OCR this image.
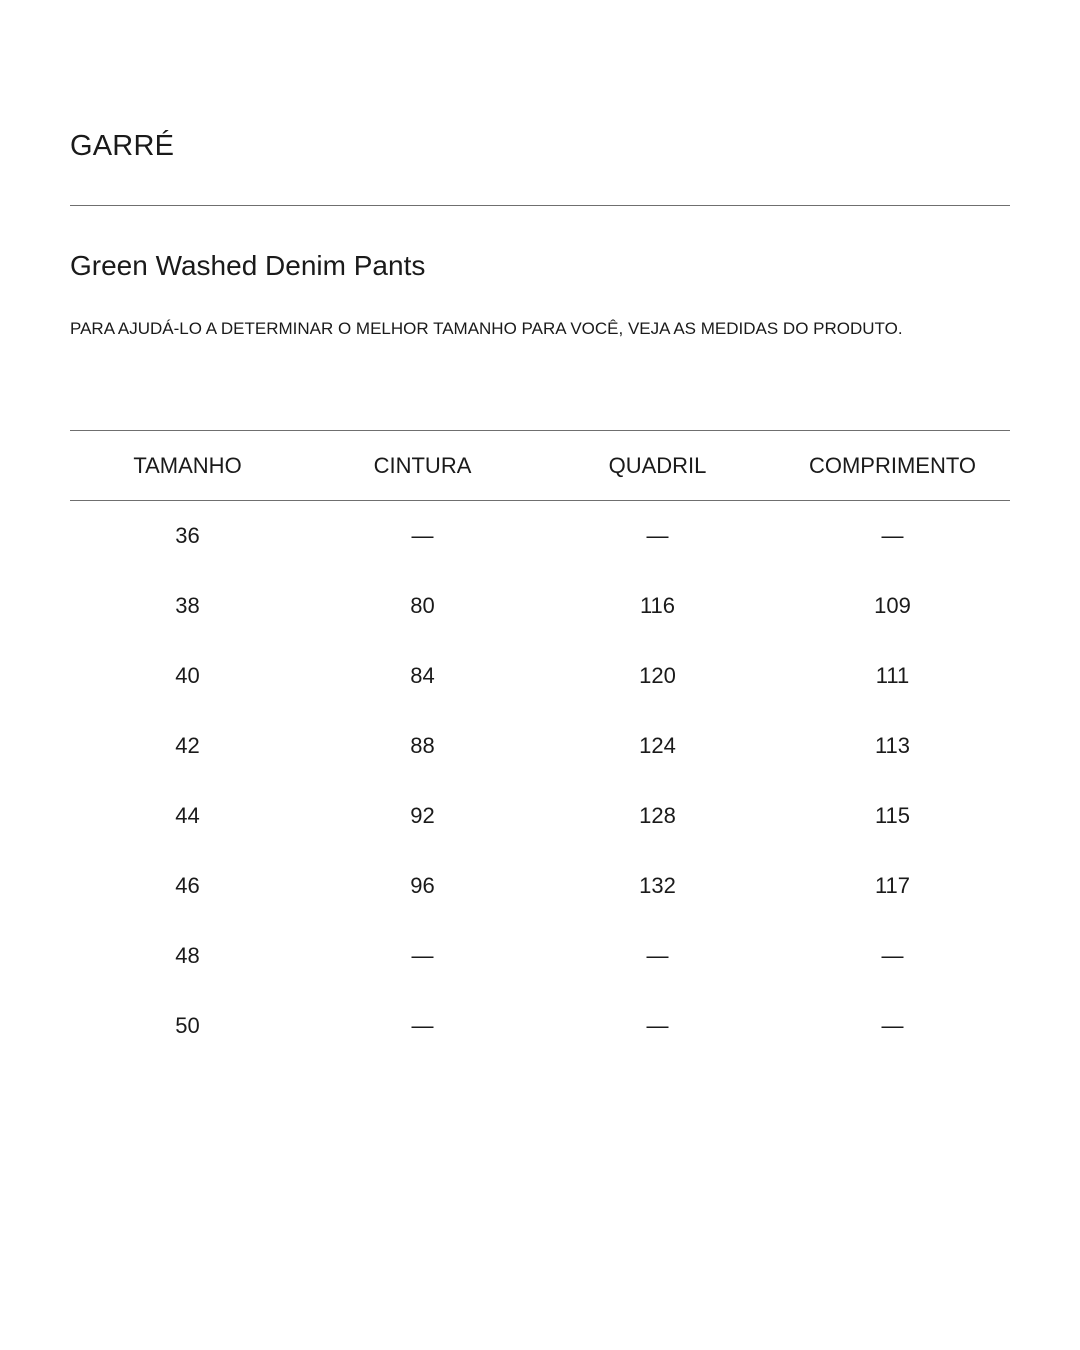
GARRÉ
Green Washed Denim Pants

PARA AJUDÁ-LO A DETERMINAR O MELHOR TAMANHO PARA VOCÊ, VEJA AS MEDIDAS DO PRODUTO.

TAMANHO	CINTURA	QUADRIL	COMPRIMENTO
36	—	—	—
38	80	116	109
40	84	120	111
42	88	124	113
44	92	128	115
46	96	132	117
48	—	—	—
50	—	—	—
